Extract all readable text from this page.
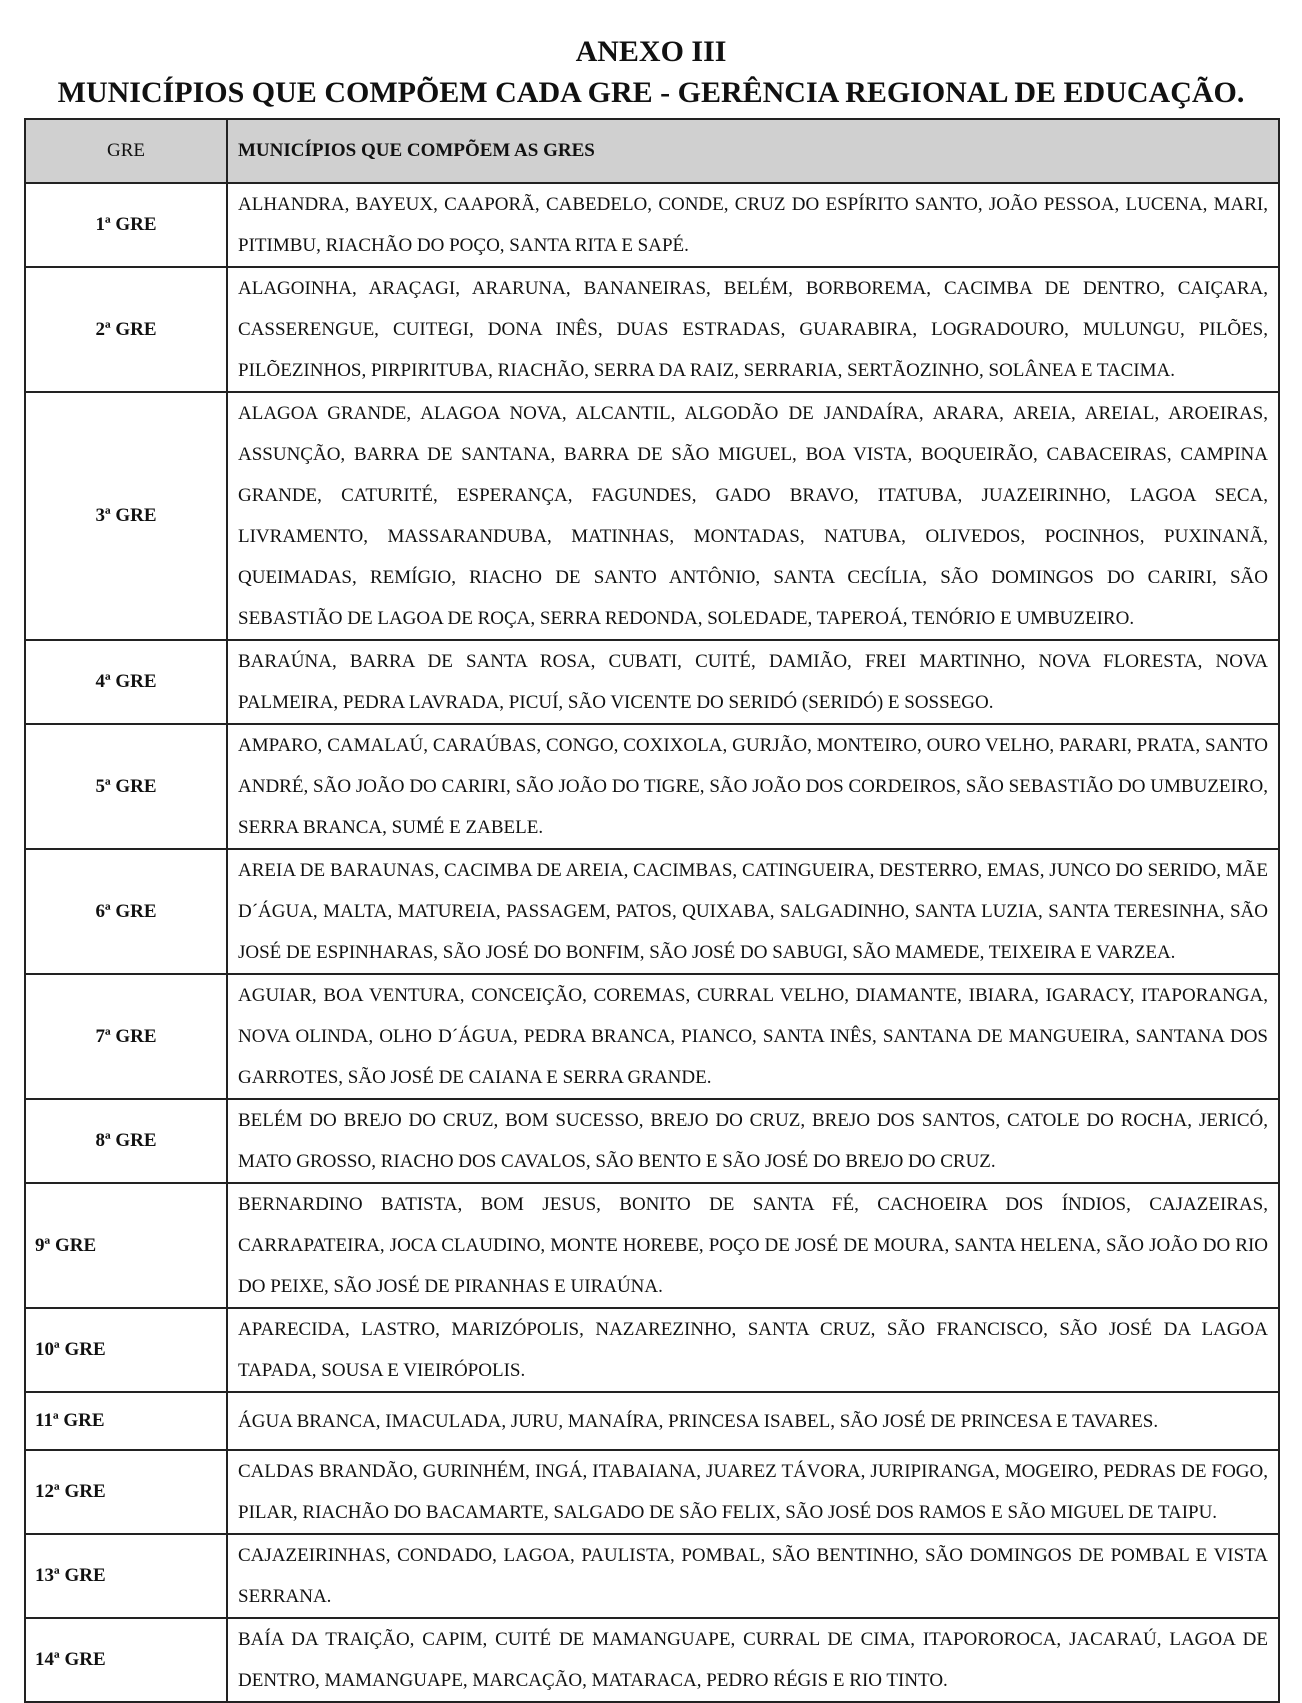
ANEXO III
MUNICÍPIOS QUE COMPÕEM CADA GRE - GERÊNCIA REGIONAL DE EDUCAÇÃO.
GRE	MUNICÍPIOS QUE COMPÕEM AS GRES
1ª GRE	ALHANDRA, BAYEUX, CAAPORÃ, CABEDELO, CONDE, CRUZ DO ESPÍRITO SANTO, JOÃO PESSOA, LUCENA, MARI, PITIMBU, RIACHÃO DO POÇO, SANTA RITA E SAPÉ.
2ª GRE	ALAGOINHA, ARAÇAGI, ARARUNA, BANANEIRAS, BELÉM, BORBOREMA, CACIMBA DE DENTRO, CAIÇARA, CASSERENGUE, CUITEGI, DONA INÊS, DUAS ESTRADAS, GUARABIRA, LOGRADOURO, MULUNGU, PILÕES, PILÕEZINHOS, PIRPIRITUBA, RIACHÃO, SERRA DA RAIZ, SERRARIA, SERTÃOZINHO, SOLÂNEA E TACIMA.
3ª GRE	ALAGOA GRANDE, ALAGOA NOVA, ALCANTIL, ALGODÃO DE JANDAÍRA, ARARA, AREIA, AREIAL, AROEIRAS, ASSUNÇÃO, BARRA DE SANTANA, BARRA DE SÃO MIGUEL, BOA VISTA, BOQUEIRÃO, CABACEIRAS, CAMPINA GRANDE, CATURITÉ, ESPERANÇA, FAGUNDES, GADO BRAVO, ITATUBA, JUAZEIRINHO, LAGOA SECA, LIVRAMENTO, MASSARANDUBA, MATINHAS, MONTADAS, NATUBA, OLIVEDOS, POCINHOS, PUXINANÃ, QUEIMADAS, REMÍGIO, RIACHO DE SANTO ANTÔNIO, SANTA CECÍLIA, SÃO DOMINGOS DO CARIRI, SÃO SEBASTIÃO DE LAGOA DE ROÇA, SERRA REDONDA, SOLEDADE, TAPEROÁ, TENÓRIO E UMBUZEIRO.
4ª GRE	BARAÚNA, BARRA DE SANTA ROSA, CUBATI, CUITÉ, DAMIÃO, FREI MARTINHO, NOVA FLORESTA, NOVA PALMEIRA, PEDRA LAVRADA, PICUÍ, SÃO VICENTE DO SERIDÓ (SERIDÓ) E SOSSEGO.
5ª GRE	AMPARO, CAMALAÚ, CARAÚBAS, CONGO, COXIXOLA, GURJÃO, MONTEIRO, OURO VELHO, PARARI, PRATA, SANTO ANDRÉ, SÃO JOÃO DO CARIRI, SÃO JOÃO DO TIGRE, SÃO JOÃO DOS CORDEIROS, SÃO SEBASTIÃO DO UMBUZEIRO, SERRA BRANCA, SUMÉ E ZABELE.
6ª GRE	AREIA DE BARAUNAS, CACIMBA DE AREIA, CACIMBAS, CATINGUEIRA, DESTERRO, EMAS, JUNCO DO SERIDO, MÃE D´ÁGUA, MALTA, MATUREIA, PASSAGEM, PATOS, QUIXABA, SALGADINHO, SANTA LUZIA, SANTA TERESINHA, SÃO JOSÉ DE ESPINHARAS, SÃO JOSÉ DO BONFIM, SÃO JOSÉ DO SABUGI, SÃO MAMEDE, TEIXEIRA E VARZEA.
7ª GRE	AGUIAR, BOA VENTURA, CONCEIÇÃO, COREMAS, CURRAL VELHO, DIAMANTE, IBIARA, IGARACY, ITAPORANGA, NOVA OLINDA, OLHO D´ÁGUA, PEDRA BRANCA, PIANCO, SANTA INÊS, SANTANA DE MANGUEIRA, SANTANA DOS GARROTES, SÃO JOSÉ DE CAIANA E SERRA GRANDE.
8ª GRE	BELÉM DO BREJO DO CRUZ, BOM SUCESSO, BREJO DO CRUZ, BREJO DOS SANTOS, CATOLE DO ROCHA, JERICÓ, MATO GROSSO, RIACHO DOS CAVALOS, SÃO BENTO E SÃO JOSÉ DO BREJO DO CRUZ.
9ª GRE	BERNARDINO BATISTA, BOM JESUS, BONITO DE SANTA FÉ, CACHOEIRA DOS ÍNDIOS, CAJAZEIRAS, CARRAPATEIRA, JOCA CLAUDINO, MONTE HOREBE, POÇO DE JOSÉ DE MOURA, SANTA HELENA, SÃO JOÃO DO RIO DO PEIXE, SÃO JOSÉ DE PIRANHAS E UIRAÚNA.
10ª GRE	APARECIDA, LASTRO, MARIZÓPOLIS, NAZAREZINHO, SANTA CRUZ, SÃO FRANCISCO, SÃO JOSÉ DA LAGOA TAPADA, SOUSA E VIEIRÓPOLIS.
11ª GRE	ÁGUA BRANCA, IMACULADA, JURU, MANAÍRA, PRINCESA ISABEL, SÃO JOSÉ DE PRINCESA E TAVARES.
12ª GRE	CALDAS BRANDÃO, GURINHÉM, INGÁ, ITABAIANA, JUAREZ TÁVORA, JURIPIRANGA, MOGEIRO, PEDRAS DE FOGO, PILAR, RIACHÃO DO BACAMARTE, SALGADO DE SÃO FELIX, SÃO JOSÉ DOS RAMOS E SÃO MIGUEL DE TAIPU.
13ª GRE	CAJAZEIRINHAS, CONDADO, LAGOA, PAULISTA, POMBAL, SÃO BENTINHO, SÃO DOMINGOS DE POMBAL E VISTA SERRANA.
14ª GRE	BAÍA DA TRAIÇÃO, CAPIM, CUITÉ DE MAMANGUAPE, CURRAL DE CIMA, ITAPOROROCA, JACARAÚ, LAGOA DE DENTRO, MAMANGUAPE, MARCAÇÃO, MATARACA, PEDRO RÉGIS E RIO TINTO.
